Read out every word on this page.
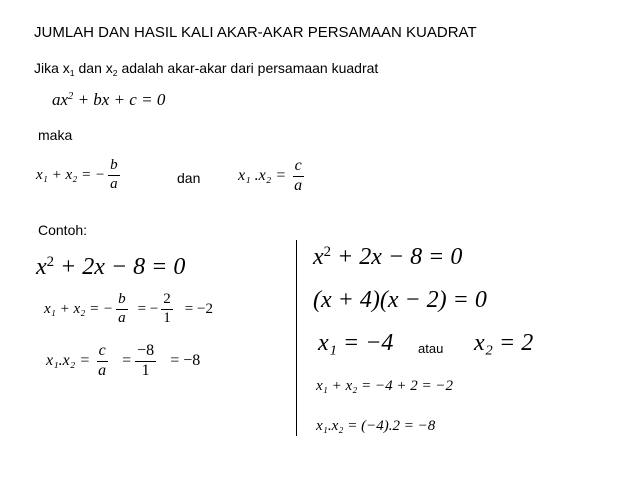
JUMLAH DAN HASIL KALI AKAR-AKAR PERSAMAAN KUADRAT
Jika $x_1$ dan $x_2$ adalah akar-akar dari persamaan kuadrat
$ax^2$ + bx + c = 0
maka
x₁ + x₂ = − $\frac{b}{a}$	dan x₁ $.x_2 = \frac{c}{a}$
Contoh:
$x^2 + 2x - 8 = 0$
x₁ + x₂ = − $\frac{b}{a}$ = − $\frac{2}{1} = -2$
$x_1.x_2 = \frac{c}{a} = \frac{-8}{1} = -8$
$x^2 + 2x - 8 = 0$
(x + 4)(x − 2) = 0
x₁ = −4 atau x₂ = 2
x₁ + x₂ = −4 + 2 = −2
x₁.x₂ = (−4).2 = −8
